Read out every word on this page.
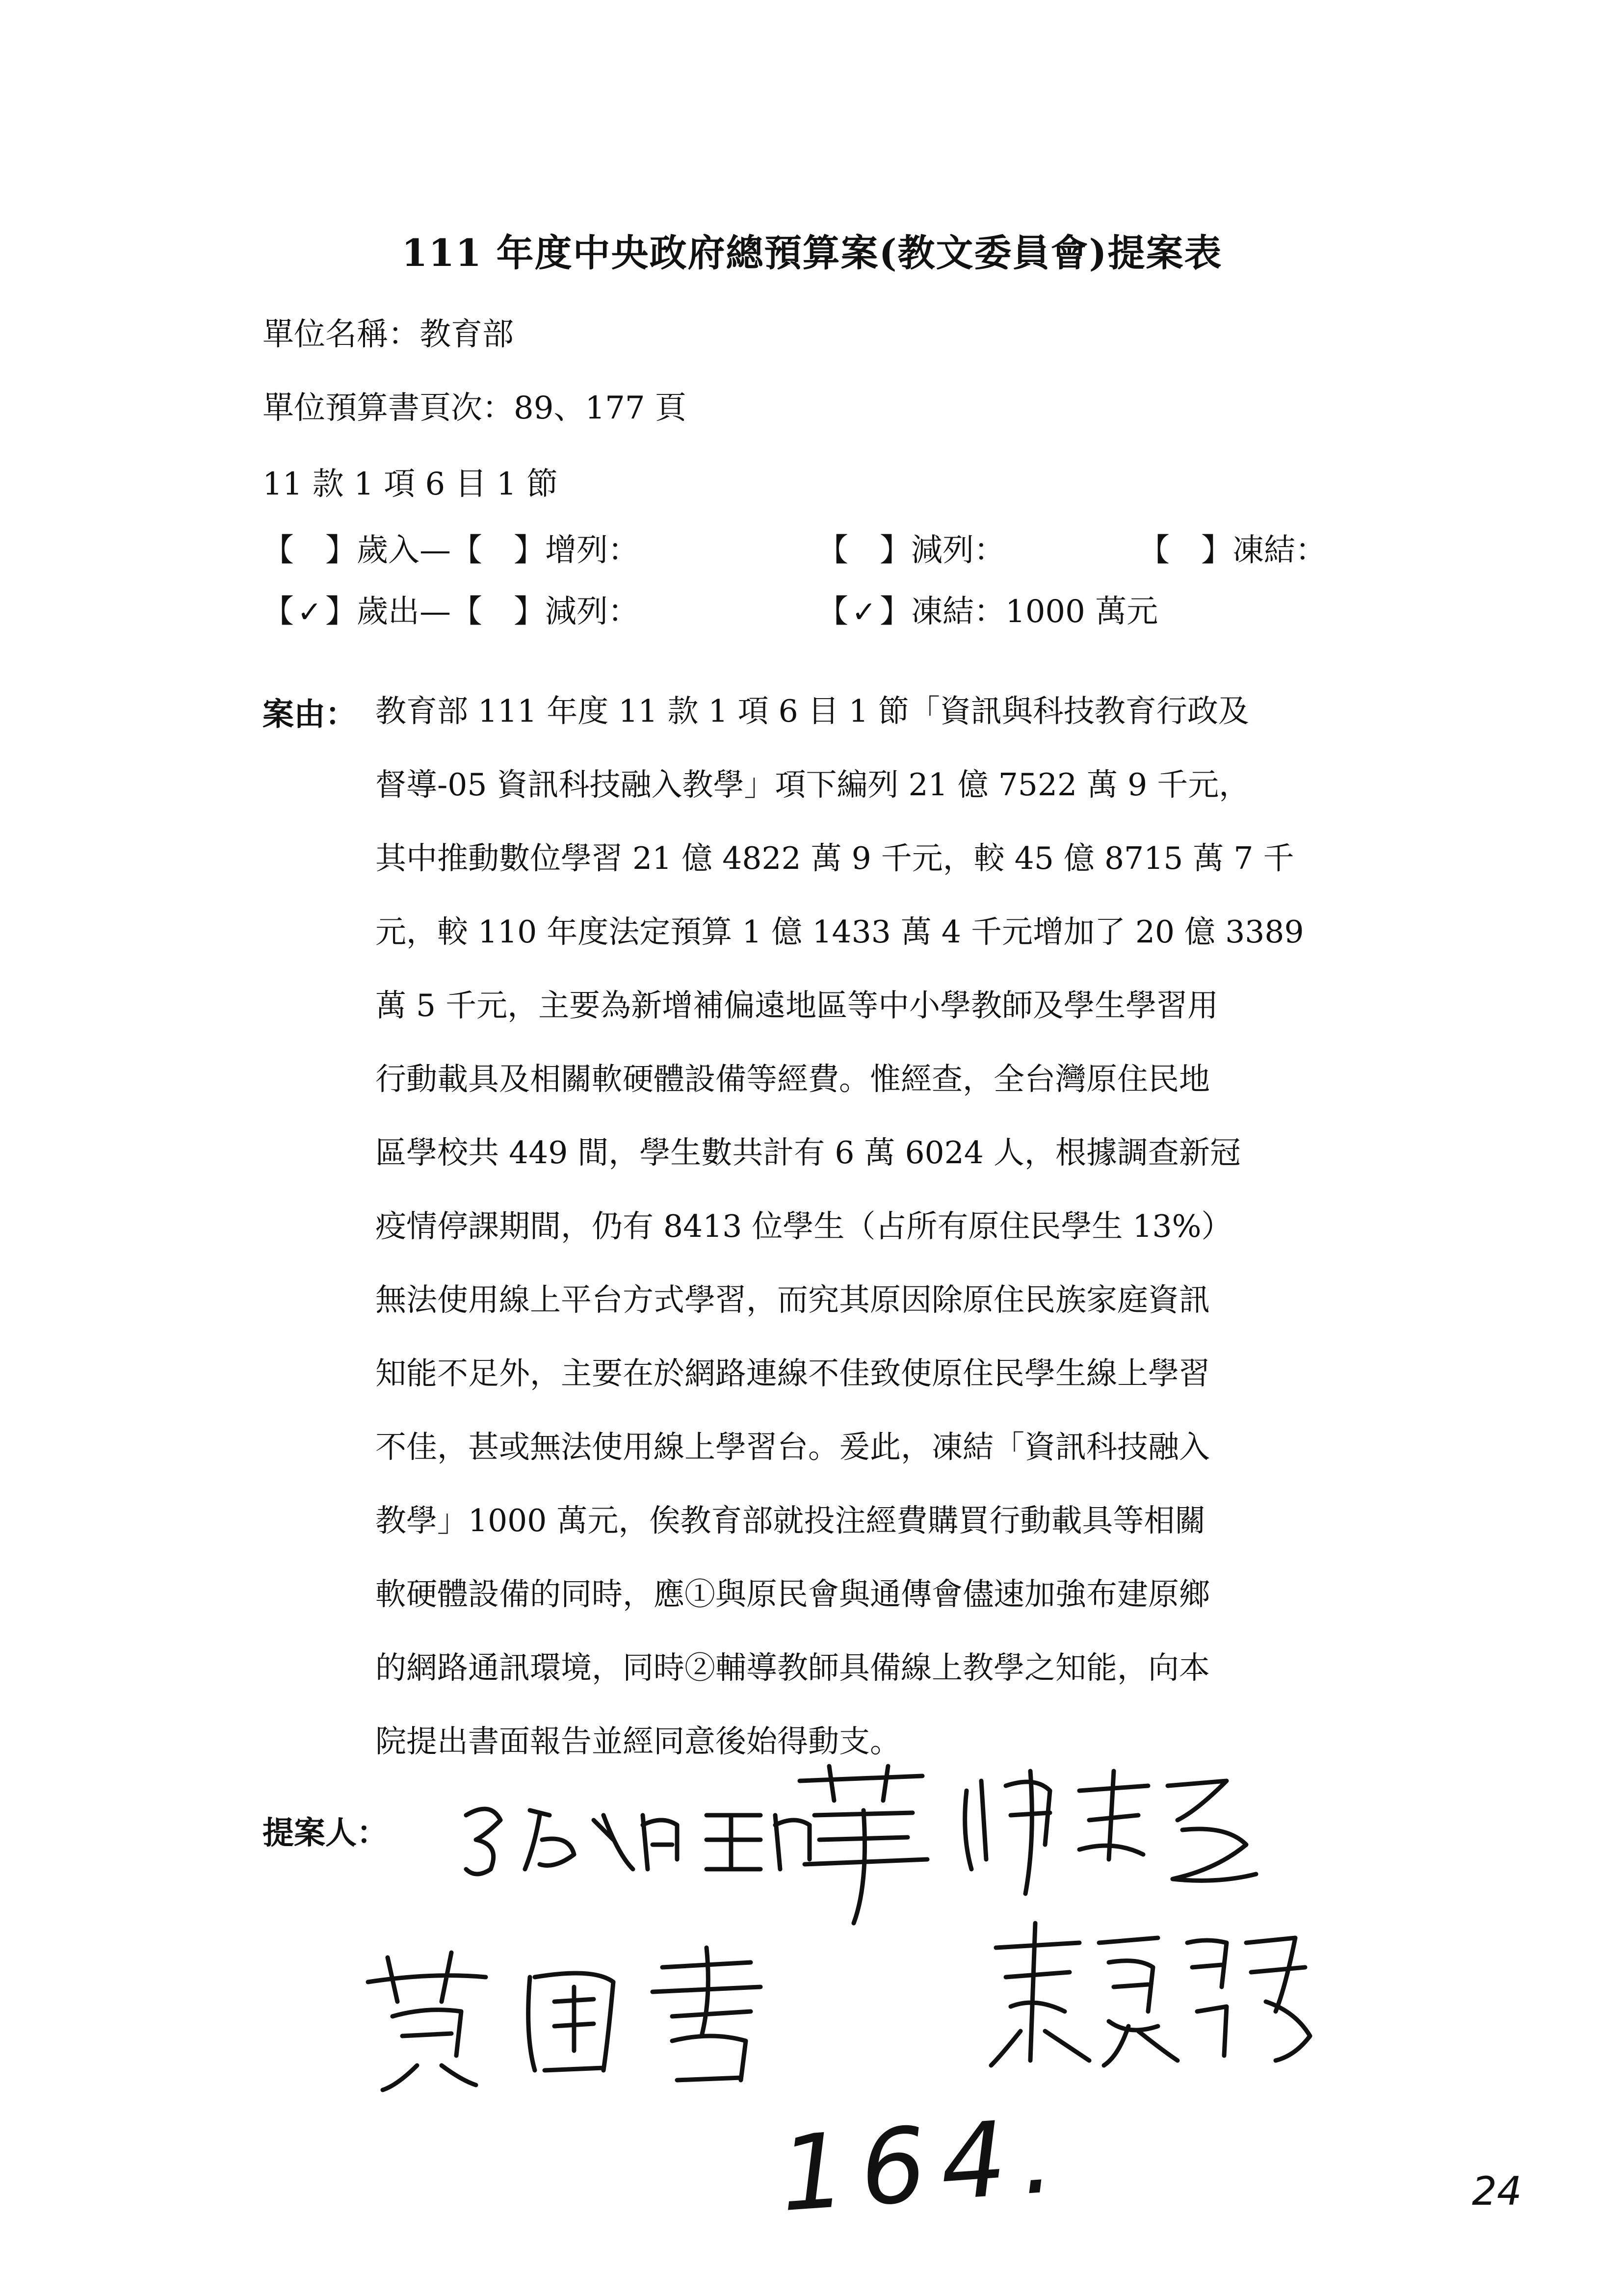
111 年度中央政府總預算案(教文委員會)提案表
單位名稱：教育部
單位預算書頁次：89、177 頁
11 款 1 項 6 目 1 節
【 】歲入—【 】增列：	【 】減列：	【 】凍結：
【 ✓ 】歲出—【 】減列：	【 ✓ 】凍結：1000 萬元
案由： 教育部 111 年度 11 款 1 項 6 目 1 節「資訊與科技教育行政及
督導-05 資訊科技融入教學」項下編列 21 億 7522 萬 9 千元，
其中推動數位學習 21 億 4822 萬 9 千元，較 45 億 8715 萬 7 千
元，較 110 年度法定預算 1 億 1433 萬 4 千元增加了 20 億 3389
萬 5 千元，主要為新增補偏遠地區等中小學教師及學生學習用
行動載具及相關軟硬體設備等經費。惟經查，全台灣原住民地
區學校共 449 間，學生數共計有 6 萬 6024 人，根據調查新冠
疫情停課期間，仍有 8413 位學生（占所有原住民學生 13%）
無法使用線上平台方式學習，而究其原因除原住民族家庭資訊
知能不足外，主要在於網路連線不佳致使原住民學生線上學習
不佳，甚或無法使用線上學習台。爰此，凍結「資訊科技融入
教學」1000 萬元，俟教育部就投注經費購買行動載具等相關
軟硬體設備的同時，應①與原民會與通傳會儘速加強布建原鄉
的網路通訊環境，同時②輔導教師具備線上教學之知能，向本
院提出書面報告並經同意後始得動支。
提案人：
164.	24
